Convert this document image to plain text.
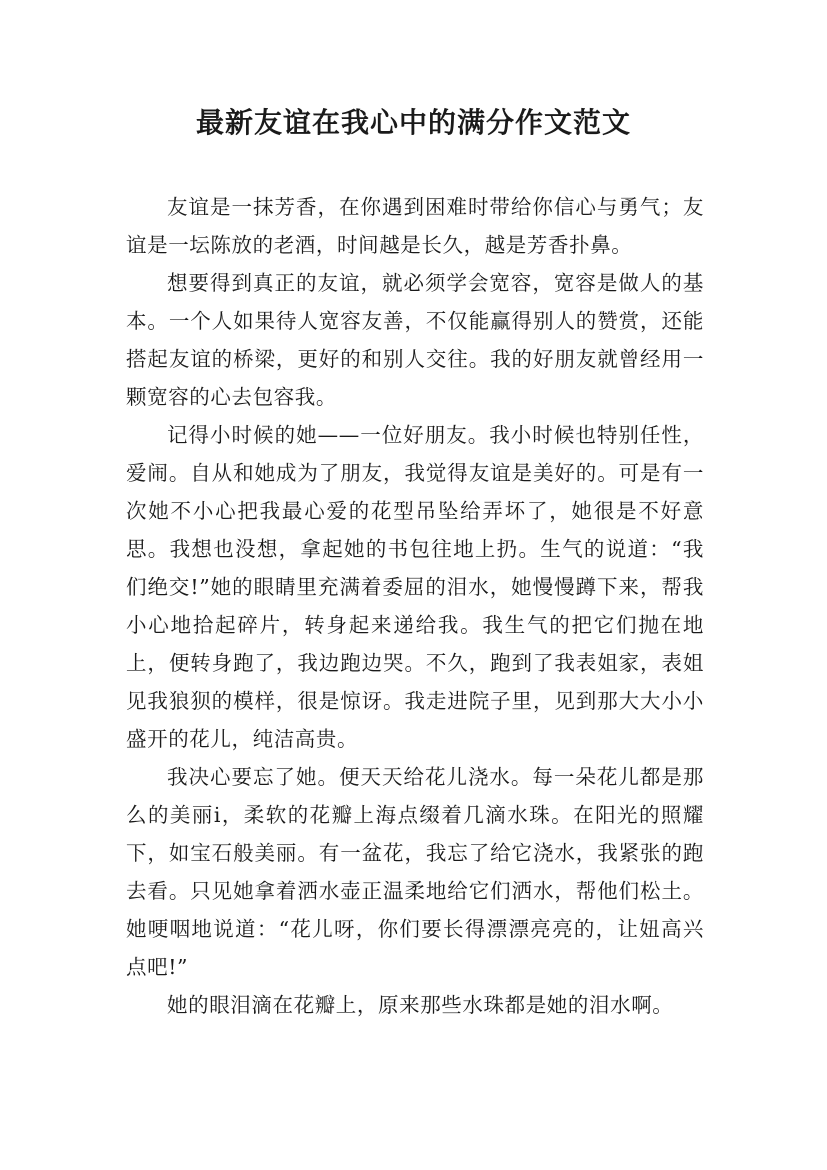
最新友谊在我心中的满分作文范文

友谊是一抹芳香，在你遇到困难时带给你信心与勇气；友谊是一坛陈放的老酒，时间越是长久，越是芳香扑鼻。

想要得到真正的友谊，就必须学会宽容，宽容是做人的基本。一个人如果待人宽容友善，不仅能赢得别人的赞赏，还能搭起友谊的桥梁，更好的和别人交往。我的好朋友就曾经用一颗宽容的心去包容我。

记得小时候的她——一位好朋友。我小时候也特别任性，爱闹。自从和她成为了朋友，我觉得友谊是美好的。可是有一次她不小心把我最心爱的花型吊坠给弄坏了，她很是不好意思。我想也没想，拿起她的书包往地上扔。生气的说道：“我们绝交!”她的眼睛里充满着委屈的泪水，她慢慢蹲下来，帮我小心地拾起碎片，转身起来递给我。我生气的把它们抛在地上，便转身跑了，我边跑边哭。不久，跑到了我表姐家，表姐见我狼狈的模样，很是惊讶。我走进院子里，见到那大大小小盛开的花儿，纯洁高贵。

我决心要忘了她。便天天给花儿浇水。每一朵花儿都是那么的美丽i，柔软的花瓣上海点缀着几滴水珠。在阳光的照耀下，如宝石般美丽。有一盆花，我忘了给它浇水，我紧张的跑去看。只见她拿着洒水壶正温柔地给它们洒水，帮他们松土。她哽咽地说道：“花儿呀，你们要长得漂漂亮亮的，让妞高兴点吧!”

她的眼泪滴在花瓣上，原来那些水珠都是她的泪水啊。
